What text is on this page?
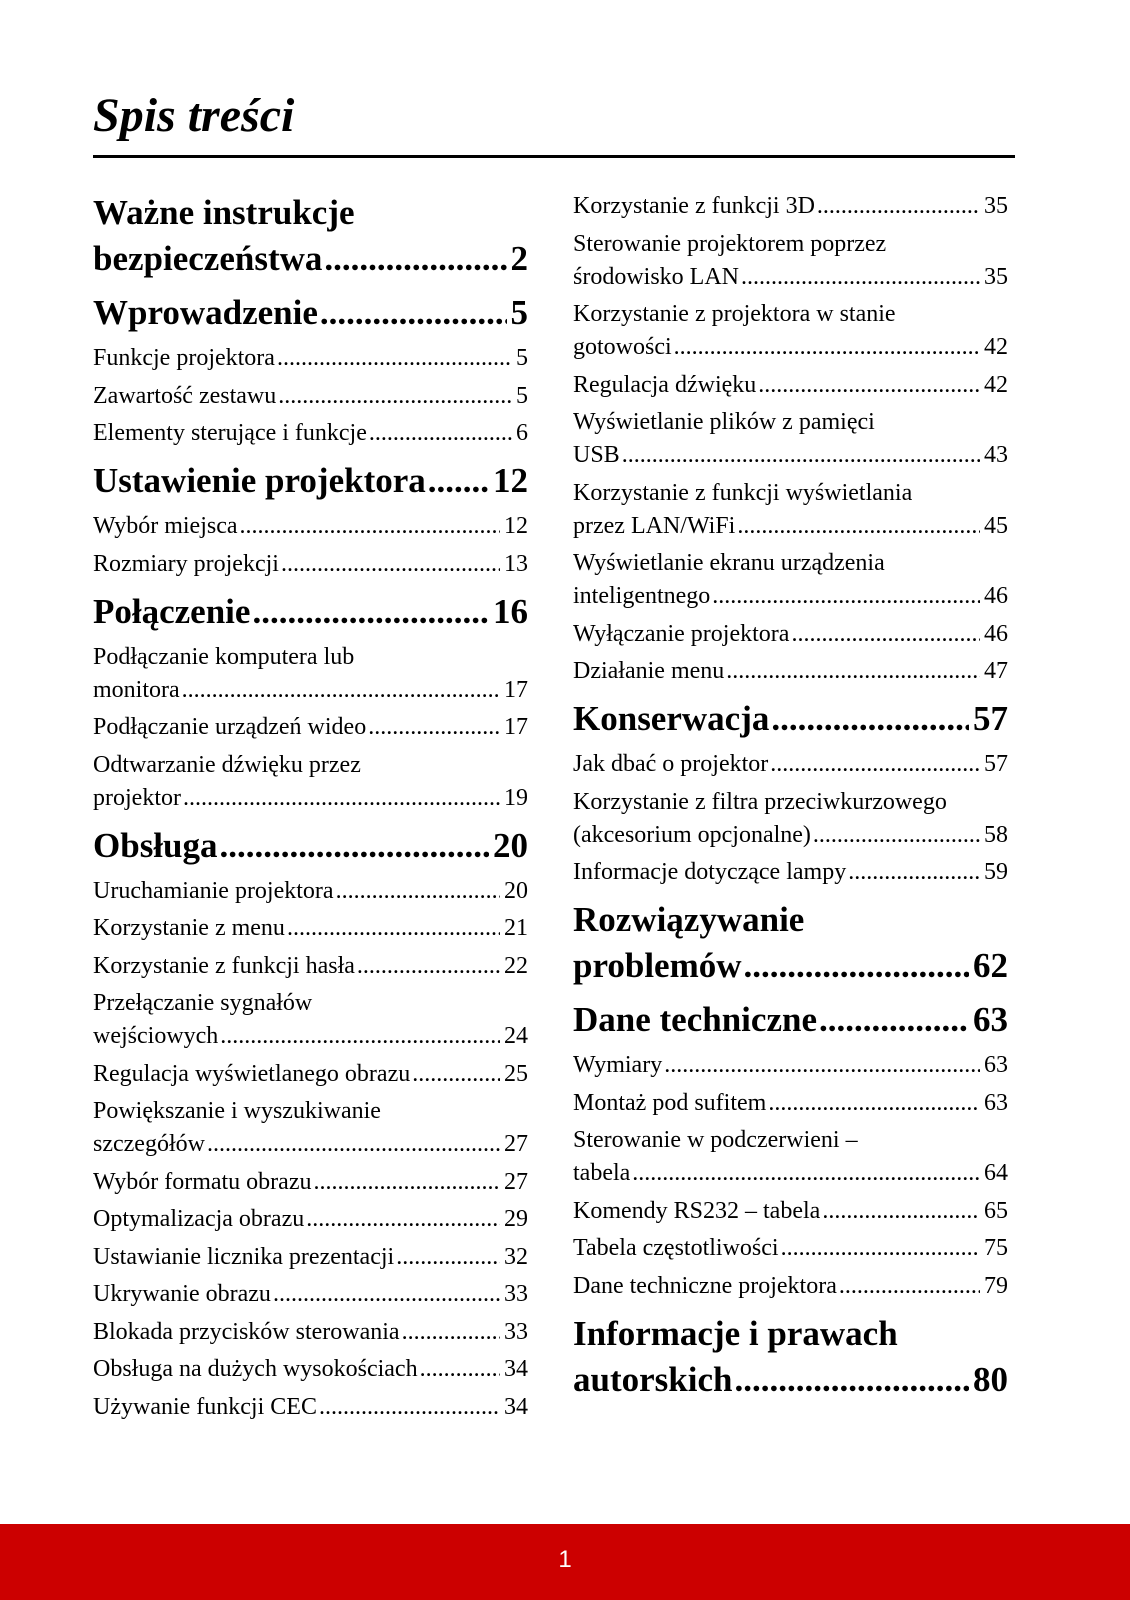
Spis treści
Ważne instrukcje
bezpieczeństwa .....	2
Wprowadzenie .....	5
Funkcje projektora .....	5
Zawartość zestawu .....	5
Elementy sterujące i funkcje .....	6
Ustawienie projektora ..... 12
Wybór miejsca .....	12
Rozmiary projekcji .....	13
Połączenie .....	16
Podłączanie komputera lub
monitora .....	17
Podłączanie urządzeń wideo .....	17
Odtwarzanie dźwięku przez
projektor .....	19
Obsługa .....	20
Uruchamianie projektora .....	20
Korzystanie z menu .....	21
Korzystanie z funkcji hasła .....	22
Przełączanie sygnałów
wejściowych .....	24
Regulacja wyświetlanego obrazu .....	25
Powiększanie i wyszukiwanie
szczegółów .....	27
Wybór formatu obrazu .....	27
Optymalizacja obrazu .....	29
Ustawianie licznika prezentacji .....	32
Ukrywanie obrazu .....	33
Blokada przycisków sterowania .....	33
Obsługa na dużych wysokościach .....	34
Używanie funkcji CEC .....	34
Korzystanie z funkcji 3D .....	35
Sterowanie projektorem poprzez
środowisko LAN .....	35
Korzystanie z projektora w stanie
gotowości .....	42
Regulacja dźwięku .....	42
Wyświetlanie plików z pamięci
USB .....	43
Korzystanie z funkcji wyświetlania
przez LAN/WiFi .....	45
Wyświetlanie ekranu urządzenia
inteligentnego .....	46
Wyłączanie projektora .....	46
Działanie menu .....	47
Konserwacja .....	57
Jak dbać o projektor .....	57
Korzystanie z filtra przeciwkurzowego
(akcesorium opcjonalne) .....	58
Informacje dotyczące lampy .....	59
Rozwiązywanie
problemów .....	62
Dane techniczne .....	63
Wymiary .....	63
Montaż pod sufitem .....	63
Sterowanie w podczerwieni –
tabela .....	64
Komendy RS232 – tabela .....	65
Tabela częstotliwości .....	75
Dane techniczne projektora .....	79
Informacje i prawach
autorskich .....	80
1
